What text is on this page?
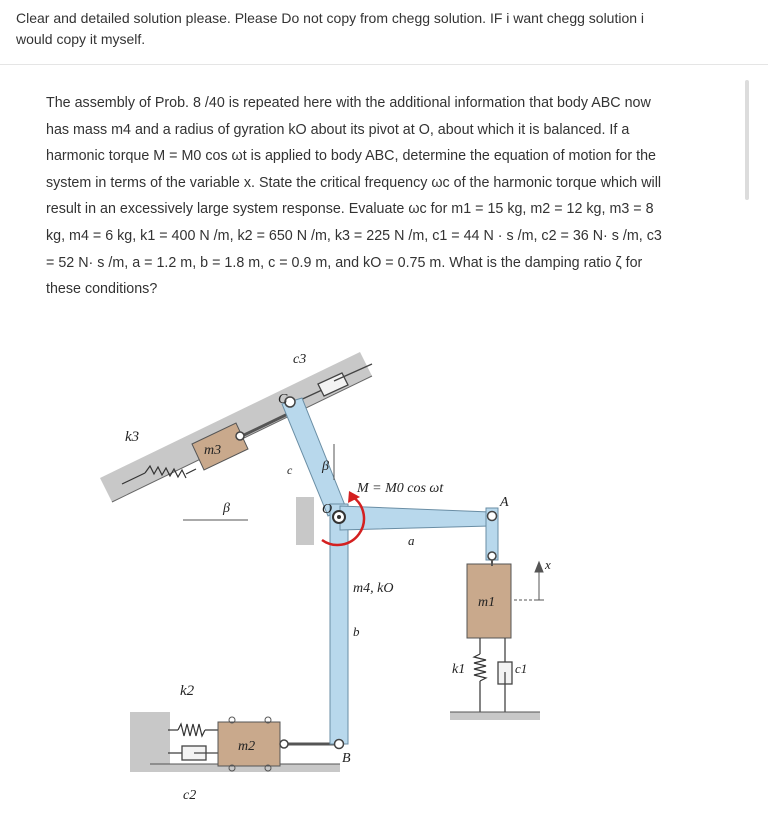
Clear and detailed solution please. Please Do not copy from chegg solution. IF i want chegg solution i
would copy it myself.
The assembly of Prob. 8 /40 is repeated here with the additional information that body ABC now
has mass m4 and a radius of gyration kO about its pivot at O, about which it is balanced. If a
harmonic torque M = M0 cos ωt is applied to body ABC, determine the equation of motion for the
system in terms of the variable x. State the critical frequency ωc of the harmonic torque which will
result in an excessively large system response. Evaluate ωc for m1 = 15 kg, m2 = 12 kg, m3 = 8
kg, m4 = 6 kg, k1 = 400 N /m, k2 = 650 N /m, k3 = 225 N /m, c1 = 44 N · s /m, c2 = 36 N· s /m, c3
= 52 N· s /m, a = 1.2 m, b = 1.8 m, c = 0.9 m, and kO = 0.75 m. What is the damping ratio ζ for
these conditions?
c3
k3
m3
C
c β
β	O
M = M0 cos ωt
a
A
x
m4, kO
b
m1
k1	c1
k2
m2
B
c2
